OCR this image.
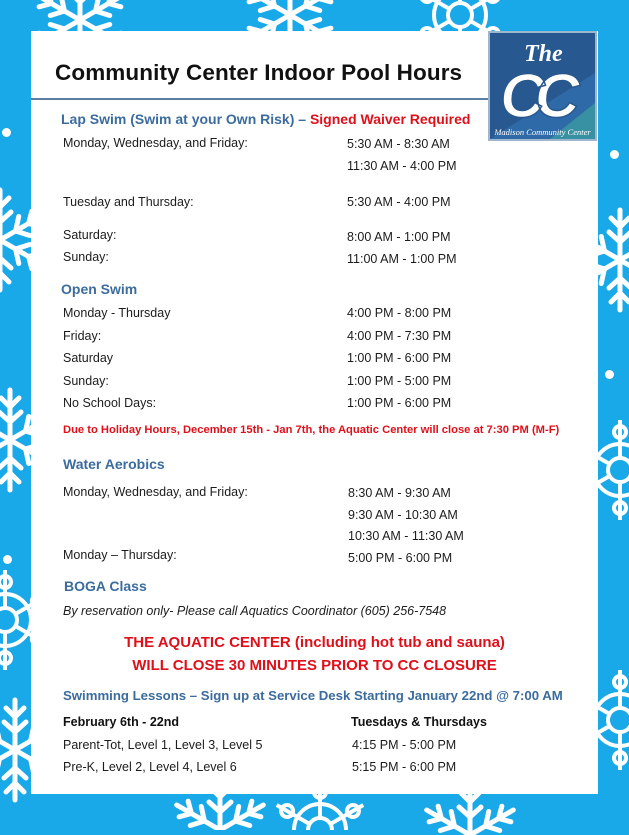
Community Center Indoor Pool Hours
The
CC
Madison Community Center
Lap Swim (Swim at your Own Risk) – Signed Waiver Required
Monday, Wednesday, and Friday:	5:30 AM - 8:30 AM
11:30 AM - 4:00 PM
Tuesday and Thursday:	5:30 AM - 4:00 PM
Saturday:	8:00 AM - 1:00 PM
Sunday:	11:00 AM - 1:00 PM
Open Swim
Monday - Thursday	4:00 PM - 8:00 PM
Friday:	4:00 PM - 7:30 PM
Saturday	1:00 PM - 6:00 PM
Sunday:	1:00 PM - 5:00 PM
No School Days:	1:00 PM - 6:00 PM
Due to Holiday Hours, December 15th - Jan 7th, the Aquatic Center will close at 7:30 PM (M-F)
Water Aerobics
Monday, Wednesday, and Friday:	8:30 AM - 9:30 AM
9:30 AM - 10:30 AM
10:30 AM - 11:30 AM
Monday – Thursday:	5:00 PM - 6:00 PM
BOGA Class
By reservation only- Please call Aquatics Coordinator (605) 256-7548
THE AQUATIC CENTER (including hot tub and sauna)
WILL CLOSE 30 MINUTES PRIOR TO CC CLOSURE
Swimming Lessons – Sign up at Service Desk Starting January 22nd @ 7:00 AM
February 6th - 22nd	Tuesdays & Thursdays
Parent-Tot, Level 1, Level 3, Level 5	4:15 PM - 5:00 PM
Pre-K, Level 2, Level 4, Level 6	5:15 PM - 6:00 PM
